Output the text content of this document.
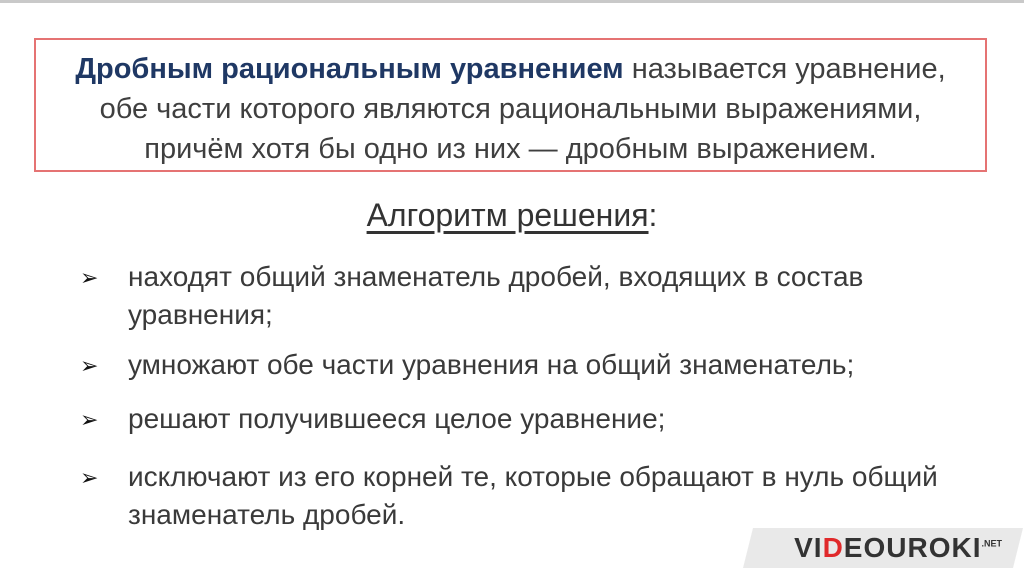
Дробным рациональным уравнением называется уравнение,
обе части которого являются рациональными выражениями,
причём хотя бы одно из них — дробным выражением.
Алгоритм решения:
➢	находят общий знаменатель дробей, входящих в состав уравнения;
➢	умножают обе части уравнения на общий знаменатель;
➢	решают получившееся целое уравнение;
➢	исключают из его корней те, которые обращают в нуль общий знаменатель дробей.
$VIDEOUROKI^{.NET}$
